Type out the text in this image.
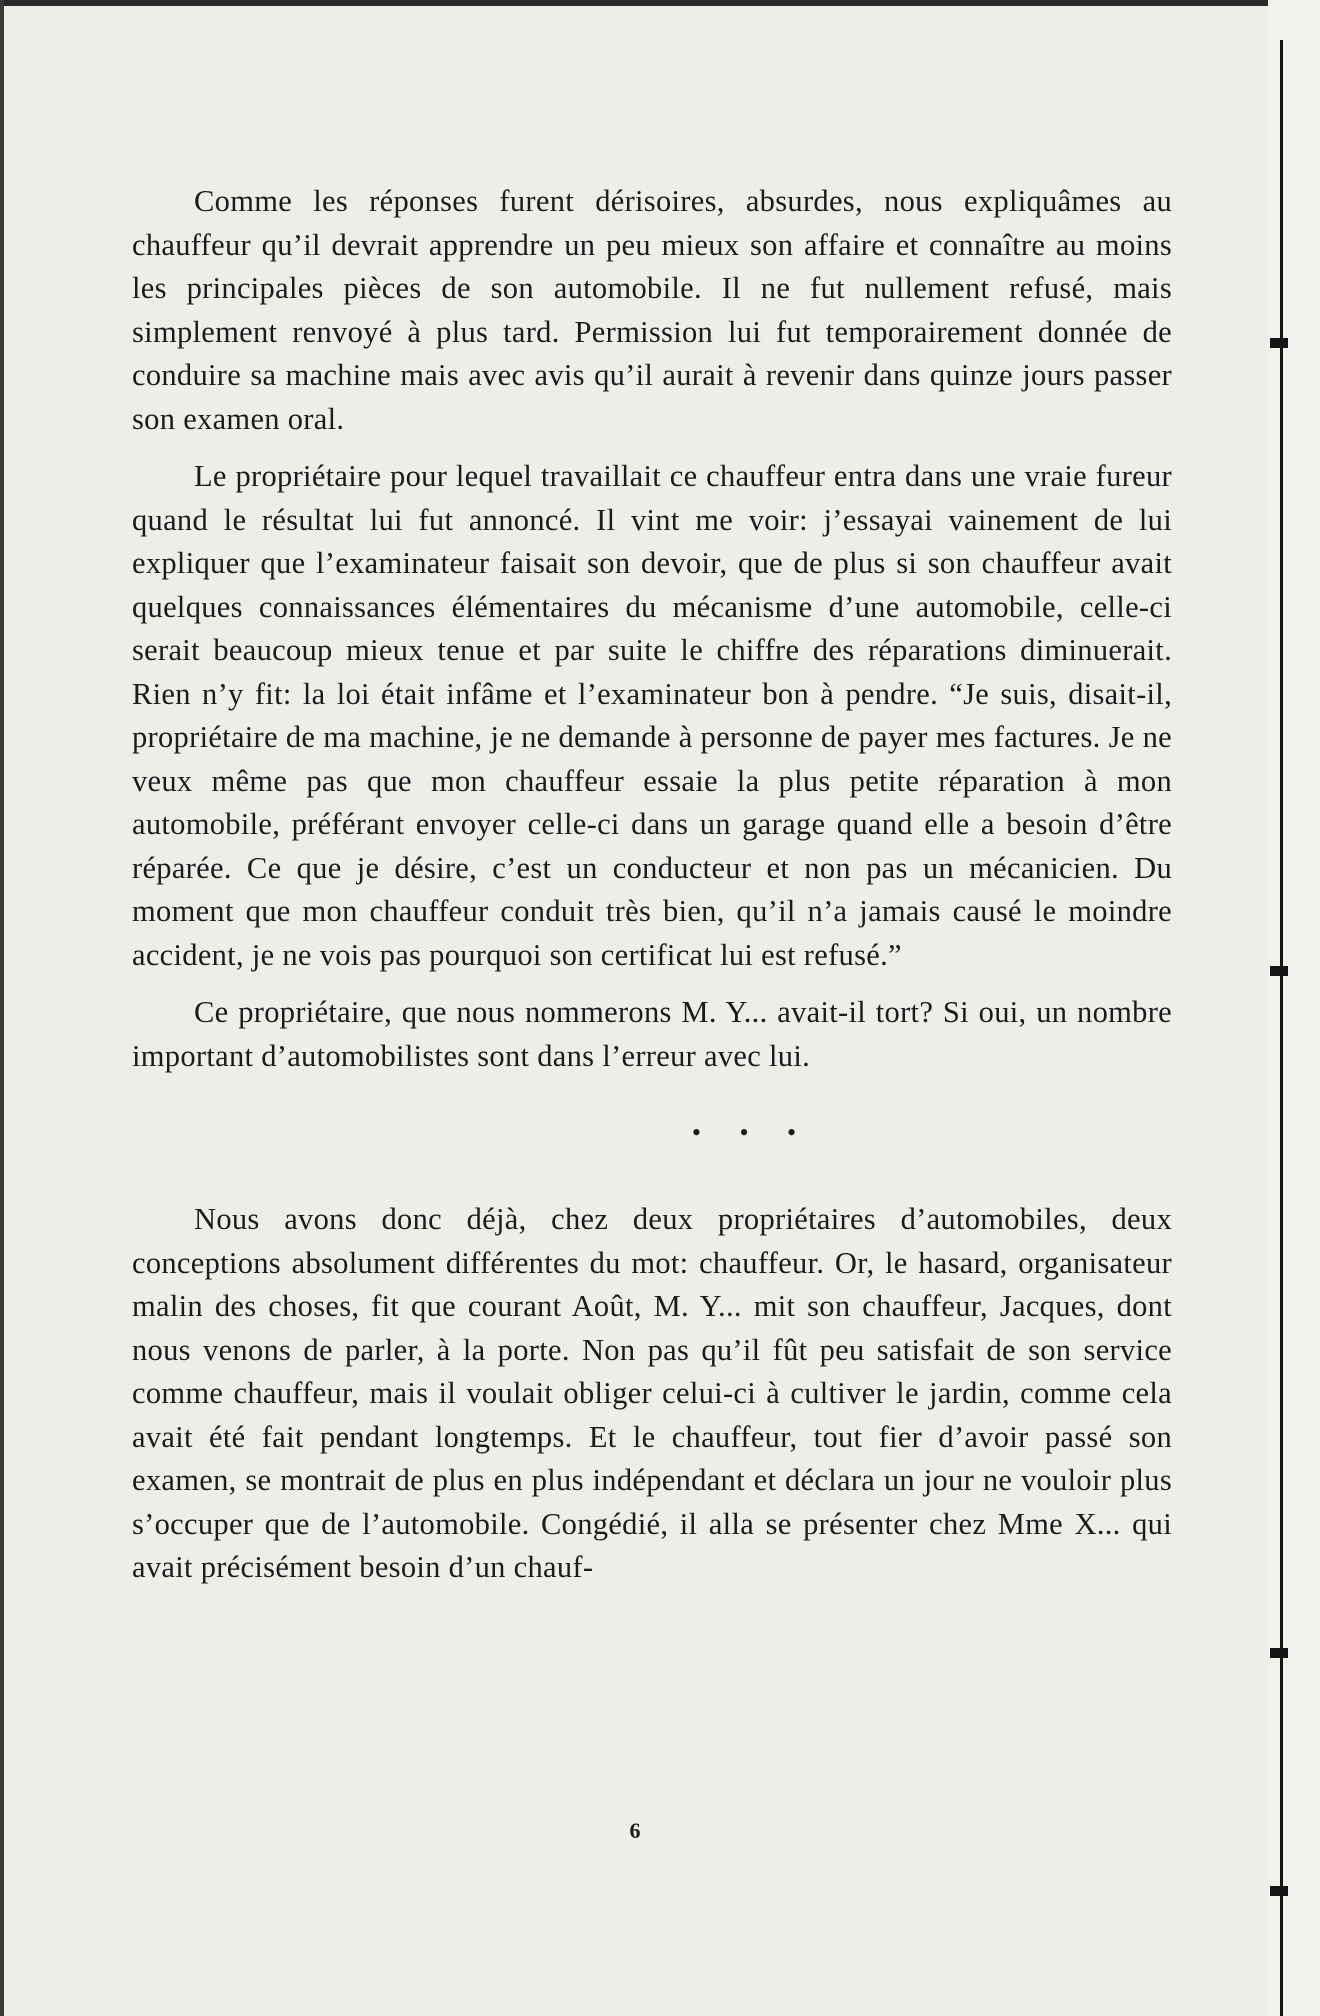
Comme les réponses furent dérisoires, absurdes, nous expliquâmes au chauffeur qu’il devrait apprendre un peu mieux son affaire et connaître au moins les principales pièces de son automobile. Il ne fut nullement refusé, mais simplement renvoyé à plus tard. Permission lui fut temporairement donnée de conduire sa machine mais avec avis qu’il aurait à revenir dans quinze jours passer son examen oral.

Le propriétaire pour lequel travaillait ce chauffeur entra dans une vraie fureur quand le résultat lui fut annoncé. Il vint me voir: j’essayai vainement de lui expliquer que l’examinateur faisait son devoir, que de plus si son chauffeur avait quelques connaissances élémentaires du mécanisme d’une automobile, celle-ci serait beaucoup mieux tenue et par suite le chiffre des réparations diminuerait. Rien n’y fit: la loi était infâme et l’examinateur bon à pendre. “Je suis, disait-il, propriétaire de ma machine, je ne demande à personne de payer mes factures. Je ne veux même pas que mon chauffeur essaie la plus petite réparation à mon automobile, préférant envoyer celle-ci dans un garage quand elle a besoin d’être réparée. Ce que je désire, c’est un conducteur et non pas un mécanicien. Du moment que mon chauffeur conduit très bien, qu’il n’a jamais causé le moindre accident, je ne vois pas pourquoi son certificat lui est refusé.”

Ce propriétaire, que nous nommerons M. Y... avait-il tort? Si oui, un nombre important d’automobilistes sont dans l’erreur avec lui.

• • •

Nous avons donc déjà, chez deux propriétaires d’automobiles, deux conceptions absolument différentes du mot: chauffeur. Or, le hasard, organisateur malin des choses, fit que courant Août, M. Y... mit son chauffeur, Jacques, dont nous venons de parler, à la porte. Non pas qu’il fût peu satisfait de son service comme chauffeur, mais il voulait obliger celui-ci à cultiver le jardin, comme cela avait été fait pendant longtemps. Et le chauffeur, tout fier d’avoir passé son examen, se montrait de plus en plus indépendant et déclara un jour ne vouloir plus s’occuper que de l’automobile. Congédié, il alla se présenter chez Mme X... qui avait précisément besoin d’un chauf-

6
